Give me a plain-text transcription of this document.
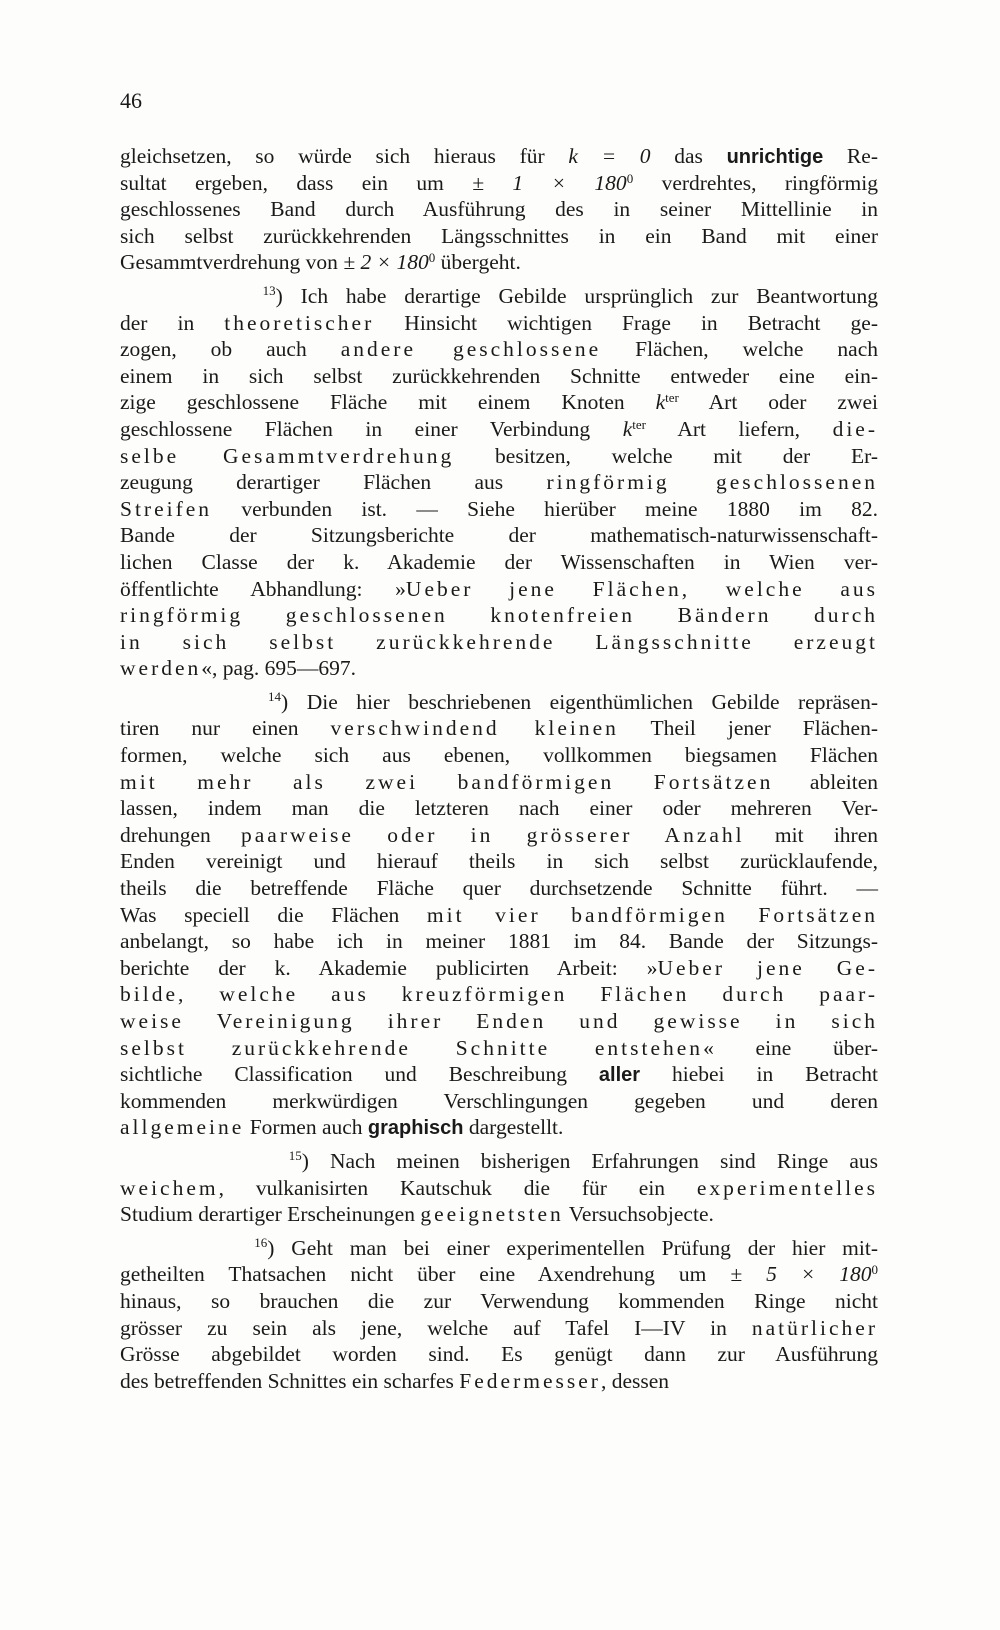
46
gleichsetzen, so würde sich hieraus für k = 0 das unrichtige Re-
sultat ergeben, dass ein um ± $1 \times 180^0$ verdrehtes, ringförmig
geschlossenes Band durch Ausführung des in seiner Mittellinie in
sich selbst zurückkehrenden Längsschnittes in ein Band mit einer
Gesammtverdrehung von ± $2 \times 180^0$ übergeht.
$^{13}$) Ich habe derartige Gebilde ursprünglich zur Beantwortung
der in theoretischer Hinsicht wichtigen Frage in Betracht ge-
zogen, ob auch andere geschlossene Flächen, welche nach
einem in sich selbst zurückkehrenden Schnitte entweder eine ein-
zige geschlossene Fläche mit einem Knoten $k^{ter}$ Art oder zwei
geschlossene Flächen in einer Verbindung $k^{ter}$ Art liefern, die-
selbe Gesammtverdrehung besitzen, welche mit der Er-
zeugung derartiger Flächen aus ringförmig geschlossenen
Streifen verbunden ist. — Siehe hierüber meine 1880 im 82.
Bande der Sitzungsberichte der mathematisch-naturwissenschaft-
lichen Classe der k. Akademie der Wissenschaften in Wien ver-
öffentlichte Abhandlung: »Ueber jene Flächen, welche aus
ringförmig geschlossenen knotenfreien Bändern durch
in sich selbst zurückkehrende Längsschnitte erzeugt
werden«, pag. 695—697.
$^{14}$) Die hier beschriebenen eigenthümlichen Gebilde repräsen-
tiren nur einen verschwindend kleinen Theil jener Flächen-
formen, welche sich aus ebenen, vollkommen biegsamen Flächen
mit mehr als zwei bandförmigen Fortsätzen ableiten
lassen, indem man die letzteren nach einer oder mehreren Ver-
drehungen paarweise oder in grösserer Anzahl mit ihren
Enden vereinigt und hierauf theils in sich selbst zurücklaufende,
theils die betreffende Fläche quer durchsetzende Schnitte führt. —
Was speciell die Flächen mit vier bandförmigen Fortsätzen
anbelangt, so habe ich in meiner 1881 im 84. Bande der Sitzungs-
berichte der k. Akademie publicirten Arbeit: »Ueber jene Ge-
bilde, welche aus kreuzförmigen Flächen durch paar-
weise Vereinigung ihrer Enden und gewisse in sich
selbst zurückkehrende Schnitte entstehen« eine über-
sichtliche Classification und Beschreibung aller hiebei in Betracht
kommenden merkwürdigen Verschlingungen gegeben und deren
allgemeine Formen auch graphisch dargestellt.
$^{15}$) Nach meinen bisherigen Erfahrungen sind Ringe aus
weichem, vulkanisirten Kautschuk die für ein experimentelles
Studium derartiger Erscheinungen geeignetsten Versuchsobjecte.
$^{16}$) Geht man bei einer experimentellen Prüfung der hier mit-
getheilten Thatsachen nicht über eine Axendrehung um ± $5 \times 180^0$
hinaus, so brauchen die zur Verwendung kommenden Ringe nicht
grösser zu sein als jene, welche auf Tafel I—IV in natürlicher
Grösse abgebildet worden sind. Es genügt dann zur Ausführung
des betreffenden Schnittes ein scharfes Federmesser, dessen
